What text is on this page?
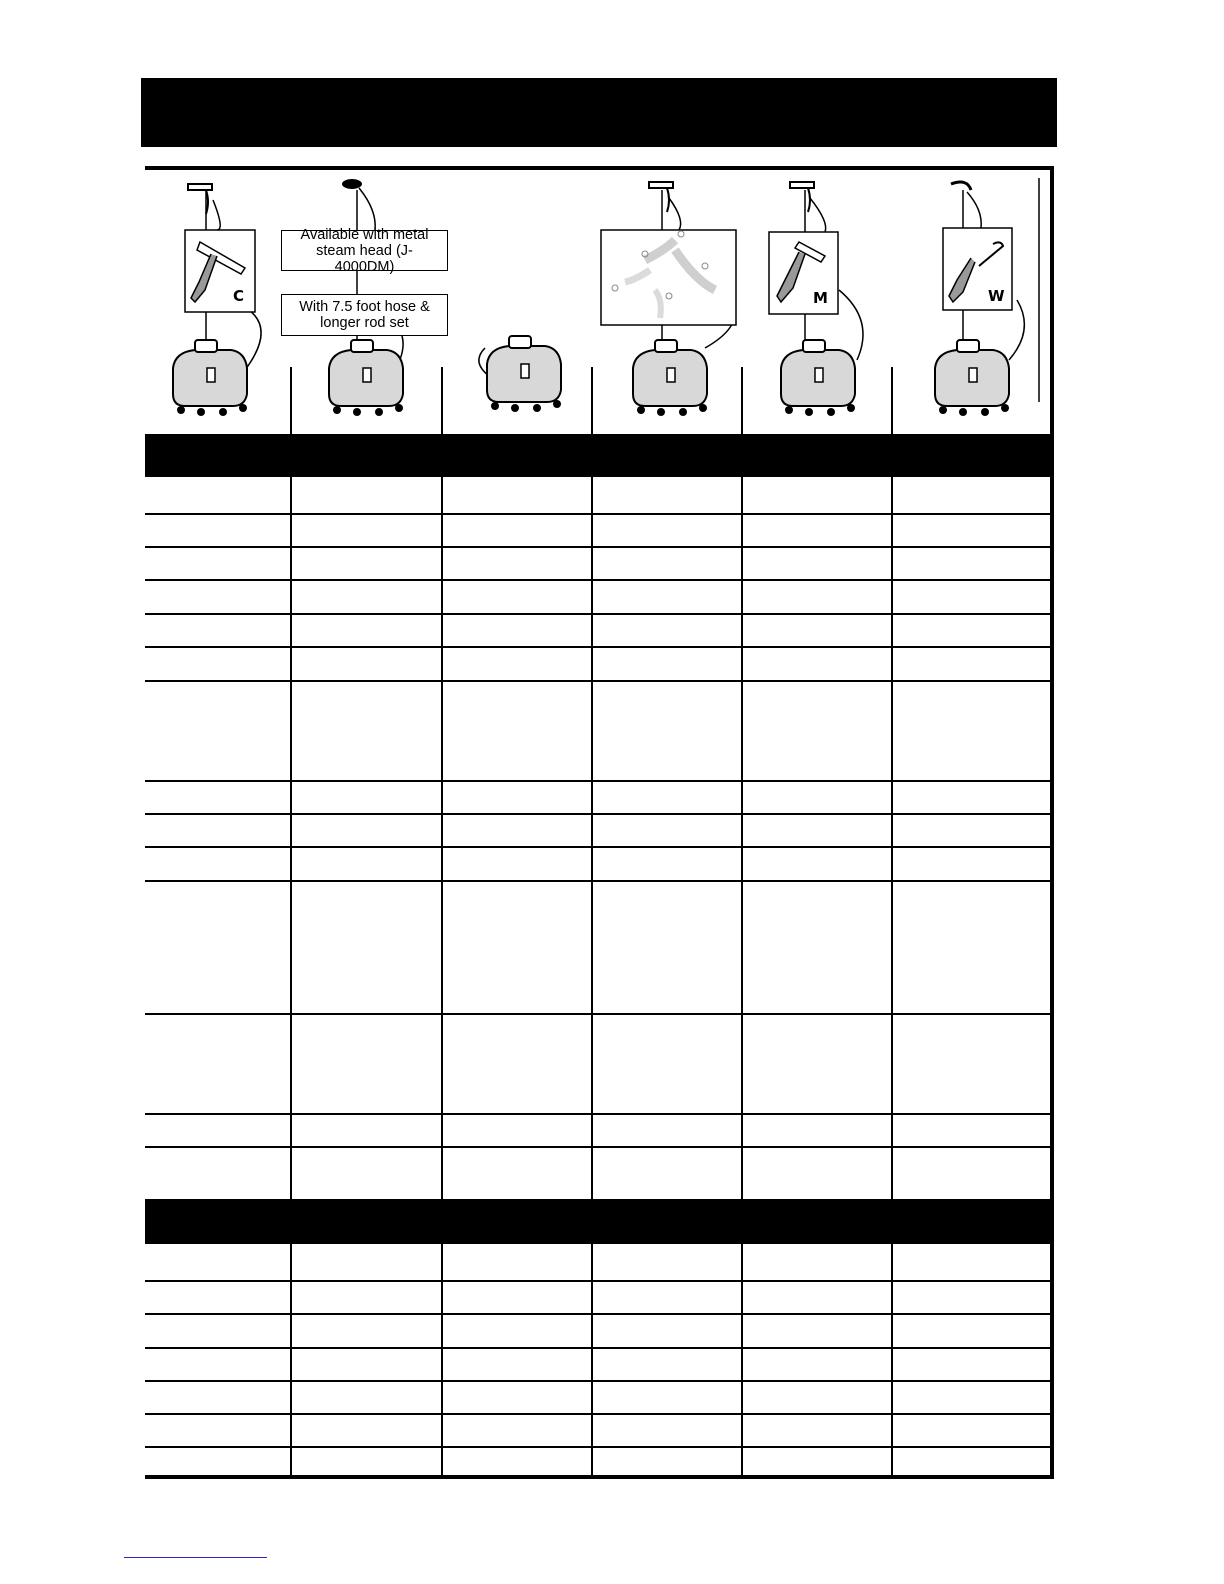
C	M	W
Available with metal steam head (J-4000DM)
With 7.5 foot hose & longer rod set
